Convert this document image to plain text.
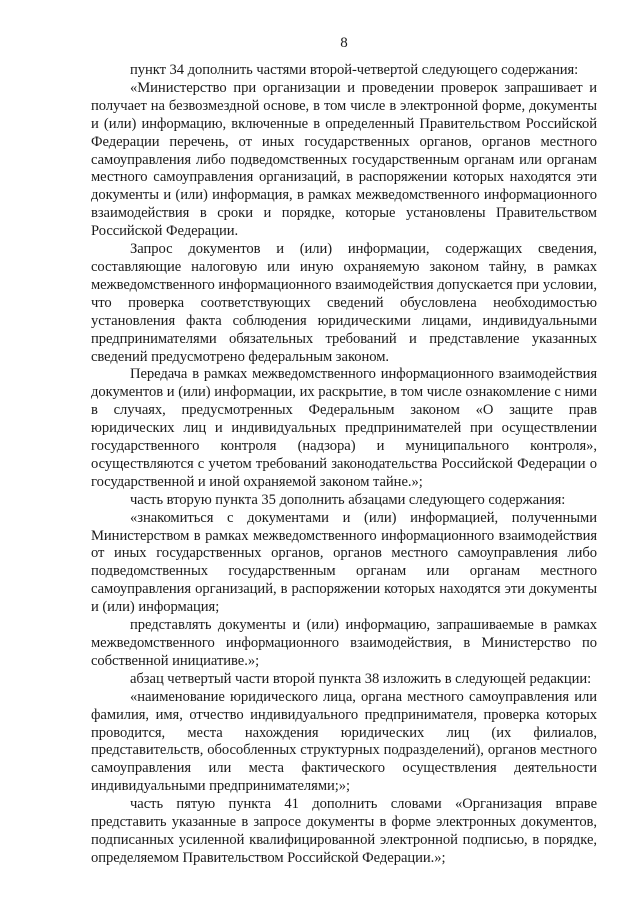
8

пункт 34 дополнить частями второй-четвертой следующего содержания:

«Министерство при организации и проведении проверок запрашивает и получает на безвозмездной основе, в том числе в электронной форме, документы и (или) информацию, включенные в определенный Правительством Российской Федерации перечень, от иных государственных органов, органов местного самоуправления либо подведомственных государственным органам или органам местного самоуправления организаций, в распоряжении которых находятся эти документы и (или) информация, в рамках межведомственного информационного взаимодействия в сроки и порядке, которые установлены Правительством Российской Федерации.

Запрос документов и (или) информации, содержащих сведения, составляющие налоговую или иную охраняемую законом тайну, в рамках межведомственного информационного взаимодействия допускается при условии, что проверка соответствующих сведений обусловлена необходимостью установления факта соблюдения юридическими лицами, индивидуальными предпринимателями обязательных требований и представление указанных сведений предусмотрено федеральным законом.

Передача в рамках межведомственного информационного взаимодействия документов и (или) информации, их раскрытие, в том числе ознакомление с ними в случаях, предусмотренных Федеральным законом «О защите прав юридических лиц и индивидуальных предпринимателей при осуществлении государственного контроля (надзора) и муниципального контроля», осуществляются с учетом требований законодательства Российской Федерации о государственной и иной охраняемой законом тайне.»;

часть вторую пункта 35 дополнить абзацами следующего содержания:

«знакомиться с документами и (или) информацией, полученными Министерством в рамках межведомственного информационного взаимодействия от иных государственных органов, органов местного самоуправления либо подведомственных государственным органам или органам местного самоуправления организаций, в распоряжении которых находятся эти документы и (или) информация;

представлять документы и (или) информацию, запрашиваемые в рамках межведомственного информационного взаимодействия, в Министерство по собственной инициативе.»;

абзац четвертый части второй пункта 38 изложить в следующей редакции:

«наименование юридического лица, органа местного самоуправления или фамилия, имя, отчество индивидуального предпринимателя, проверка которых проводится, места нахождения юридических лиц (их филиалов, представительств, обособленных структурных подразделений), органов местного самоуправления или места фактического осуществления деятельности индивидуальными предпринимателями;»;

часть пятую пункта 41 дополнить словами «Организация вправе представить указанные в запросе документы в форме электронных документов, подписанных усиленной квалифицированной электронной подписью, в порядке, определяемом Правительством Российской Федерации.»;
